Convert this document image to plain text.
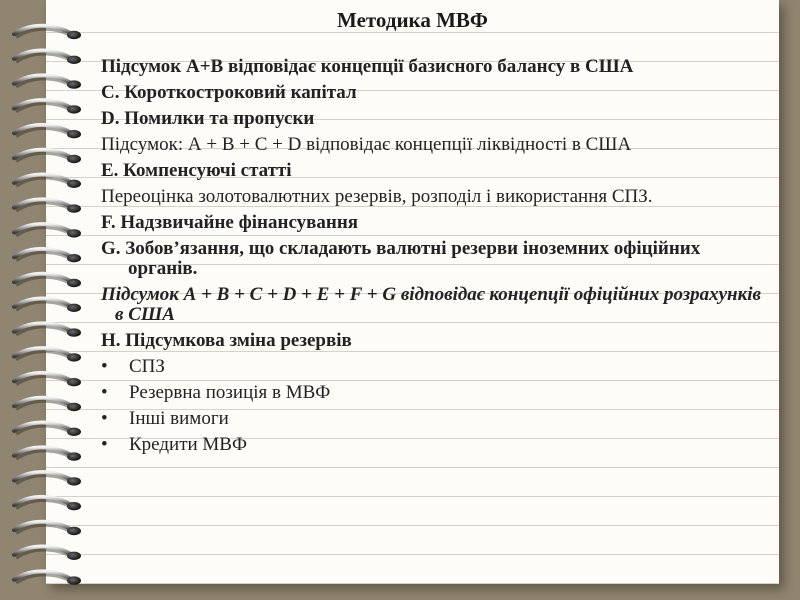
Методика МВФ
Підсумок А+В відповідає концепції базисного балансу в США
С. Короткостроковий капітал
D. Помилки та пропуски
Підсумок: А + В + С + D відповідає концепції ліквідності в США
Е. Компенсуючі статті
Переоцінка золотовалютних резервів, розподіл і використання СПЗ.
F. Надзвичайне фінансування
G. Зобов’язання, що складають валютні резерви іноземних офіційних органів.
Підсумок А + В + С + D + E + F + G відповідає концепції офіційних розрахунків в США
Н. Підсумкова зміна резервів
• СПЗ
• Резервна позиція в МВФ
• Інші вимоги
• Кредити МВФ
